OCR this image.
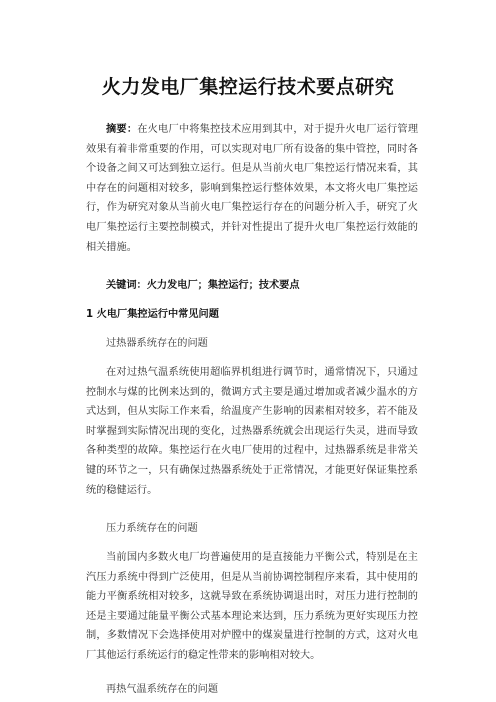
火力发电厂集控运行技术要点研究

摘要：在火电厂中将集控技术应用到其中，对于提升火电厂运行管理效果有着非常重要的作用，可以实现对电厂所有设备的集中管控，同时各个设备之间又可达到独立运行。但是从当前火电厂集控运行情况来看，其中存在的问题相对较多，影响到集控运行整体效果，本文将火电厂集控运行，作为研究对象从当前火电厂集控运行存在的问题分析入手，研究了火电厂集控运行主要控制模式，并针对性提出了提升火电厂集控运行效能的相关措施。

关键词：火力发电厂；集控运行；技术要点

1 火电厂集控运行中常见问题

过热器系统存在的问题

在对过热气温系统使用超临界机组进行调节时，通常情况下，只通过控制水与煤的比例来达到的，微调方式主要是通过增加或者减少温水的方式达到，但从实际工作来看，给温度产生影响的因素相对较多，若不能及时掌握到实际情况出现的变化，过热器系统就会出现运行失灵，进而导致各种类型的故障。集控运行在火电厂使用的过程中，过热器系统是非常关键的环节之一，只有确保过热器系统处于正常情况，才能更好保证集控系统的稳健运行。

压力系统存在的问题

当前国内多数火电厂均普遍使用的是直接能力平衡公式，特别是在主汽压力系统中得到广泛使用，但是从当前协调控制程序来看，其中使用的能力平衡系统相对较多，这就导致在系统协调退出时，对压力进行控制的还是主要通过能量平衡公式基本理论来达到，压力系统为更好实现压力控制，多数情况下会选择使用对炉膛中的煤炭量进行控制的方式，这对火电厂其他运行系统运行的稳定性带来的影响相对较大。

再热气温系统存在的问题
